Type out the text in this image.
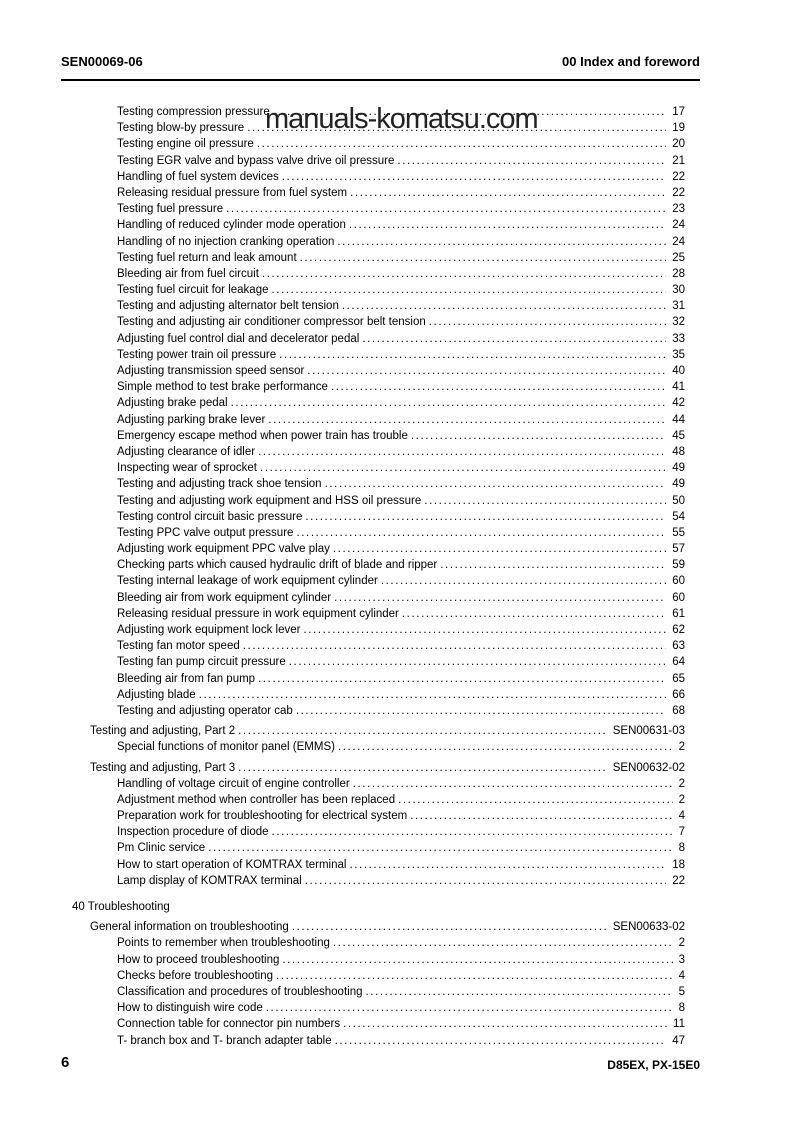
SEN00069-06	00 Index and foreword
manuals-komatsu.com
Testing compression pressure .....	17
Testing blow-by pressure .....	19
Testing engine oil pressure .....	20
Testing EGR valve and bypass valve drive oil pressure .....	21
Handling of fuel system devices .....	22
Releasing residual pressure from fuel system .....	22
Testing fuel pressure .....	23
Handling of reduced cylinder mode operation .....	24
Handling of no injection cranking operation .....	24
Testing fuel return and leak amount .....	25
Bleeding air from fuel circuit .....	28
Testing fuel circuit for leakage .....	30
Testing and adjusting alternator belt tension .....	31
Testing and adjusting air conditioner compressor belt tension .....	32
Adjusting fuel control dial and decelerator pedal .....	33
Testing power train oil pressure .....	35
Adjusting transmission speed sensor .....	40
Simple method to test brake performance .....	41
Adjusting brake pedal .....	42
Adjusting parking brake lever .....	44
Emergency escape method when power train has trouble .....	45
Adjusting clearance of idler .....	48
Inspecting wear of sprocket .....	49
Testing and adjusting track shoe tension .....	49
Testing and adjusting work equipment and HSS oil pressure .....	50
Testing control circuit basic pressure .....	54
Testing PPC valve output pressure .....	55
Adjusting work equipment PPC valve play .....	57
Checking parts which caused hydraulic drift of blade and ripper .....	59
Testing internal leakage of work equipment cylinder .....	60
Bleeding air from work equipment cylinder .....	60
Releasing residual pressure in work equipment cylinder .....	61
Adjusting work equipment lock lever .....	62
Testing fan motor speed .....	63
Testing fan pump circuit pressure .....	64
Bleeding air from fan pump .....	65
Adjusting blade .....	66
Testing and adjusting operator cab .....	68
Testing and adjusting, Part 2 .....	SEN00631-03
Special functions of monitor panel (EMMS) .....	2
Testing and adjusting, Part 3 .....	SEN00632-02
Handling of voltage circuit of engine controller .....	2
Adjustment method when controller has been replaced .....	2
Preparation work for troubleshooting for electrical system .....	4
Inspection procedure of diode .....	7
Pm Clinic service .....	8
How to start operation of KOMTRAX terminal .....	18
Lamp display of KOMTRAX terminal .....	22
40 Troubleshooting
General information on troubleshooting .....	SEN00633-02
Points to remember when troubleshooting .....	2
How to proceed troubleshooting .....	3
Checks before troubleshooting .....	4
Classification and procedures of troubleshooting .....	5
How to distinguish wire code .....	8
Connection table for connector pin numbers .....	11
T- branch box and T- branch adapter table .....	47
6	D85EX, PX-15E0
